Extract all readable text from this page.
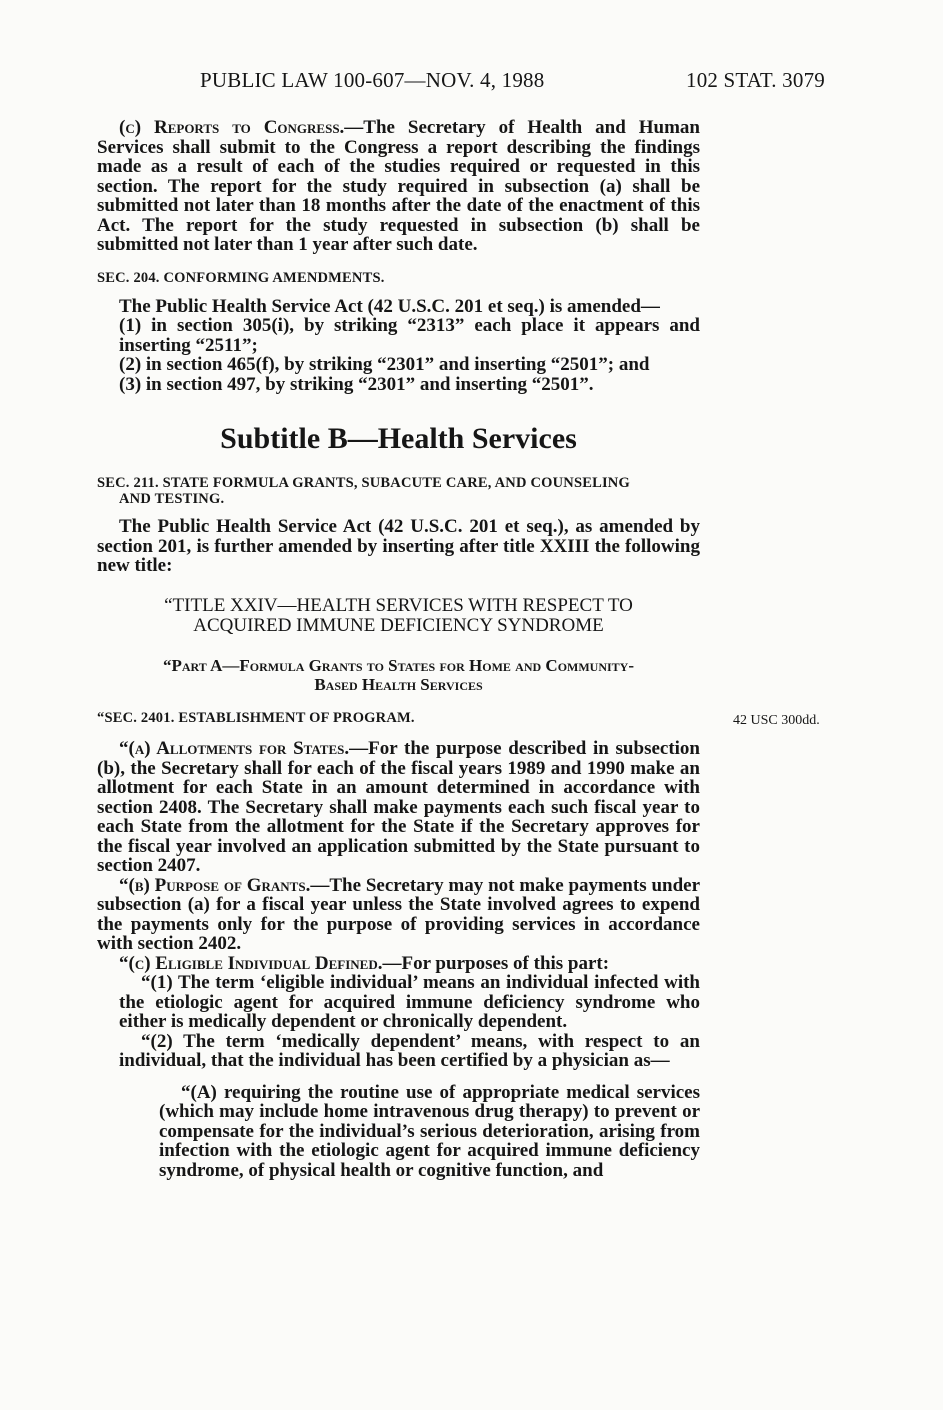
PUBLIC LAW 100-607—NOV. 4, 1988	102 STAT. 3079

(c) Reports to Congress.—The Secretary of Health and Human Services shall submit to the Congress a report describing the findings made as a result of each of the studies required or requested in this section. The report for the study required in subsection (a) shall be submitted not later than 18 months after the date of the enactment of this Act. The report for the study requested in subsection (b) shall be submitted not later than 1 year after such date.

SEC. 204. CONFORMING AMENDMENTS.

The Public Health Service Act (42 U.S.C. 201 et seq.) is amended—

(1) in section 305(i), by striking “2313” each place it appears and inserting “2511”;

(2) in section 465(f), by striking “2301” and inserting “2501”; and

(3) in section 497, by striking “2301” and inserting “2501”.

Subtitle B—Health Services

SEC. 211. STATE FORMULA GRANTS, SUBACUTE CARE, AND COUNSELING

AND TESTING.

The Public Health Service Act (42 U.S.C. 201 et seq.), as amended by section 201, is further amended by inserting after title XXIII the following new title:

“TITLE XXIV—HEALTH SERVICES WITH RESPECT TO
ACQUIRED IMMUNE DEFICIENCY SYNDROME
“Part A—Formula Grants to States for Home and Community-
Based Health Services

“SEC. 2401. ESTABLISHMENT OF PROGRAM.

“(a) Allotments for States.—For the purpose described in subsection (b), the Secretary shall for each of the fiscal years 1989 and 1990 make an allotment for each State in an amount determined in accordance with section 2408. The Secretary shall make payments each such fiscal year to each State from the allotment for the State if the Secretary approves for the fiscal year involved an application submitted by the State pursuant to section 2407.

“(b) Purpose of Grants.—The Secretary may not make payments under subsection (a) for a fiscal year unless the State involved agrees to expend the payments only for the purpose of providing services in accordance with section 2402.

“(c) Eligible Individual Defined.—For purposes of this part:

“(1) The term ‘eligible individual’ means an individual infected with the etiologic agent for acquired immune deficiency syndrome who either is medically dependent or chronically dependent.

“(2) The term ‘medically dependent’ means, with respect to an individual, that the individual has been certified by a physician as—

“(A) requiring the routine use of appropriate medical services (which may include home intravenous drug therapy) to prevent or compensate for the individual’s serious deterioration, arising from infection with the etiologic agent for acquired immune deficiency syndrome, of physical health or cognitive function, and

42 USC 300dd.
